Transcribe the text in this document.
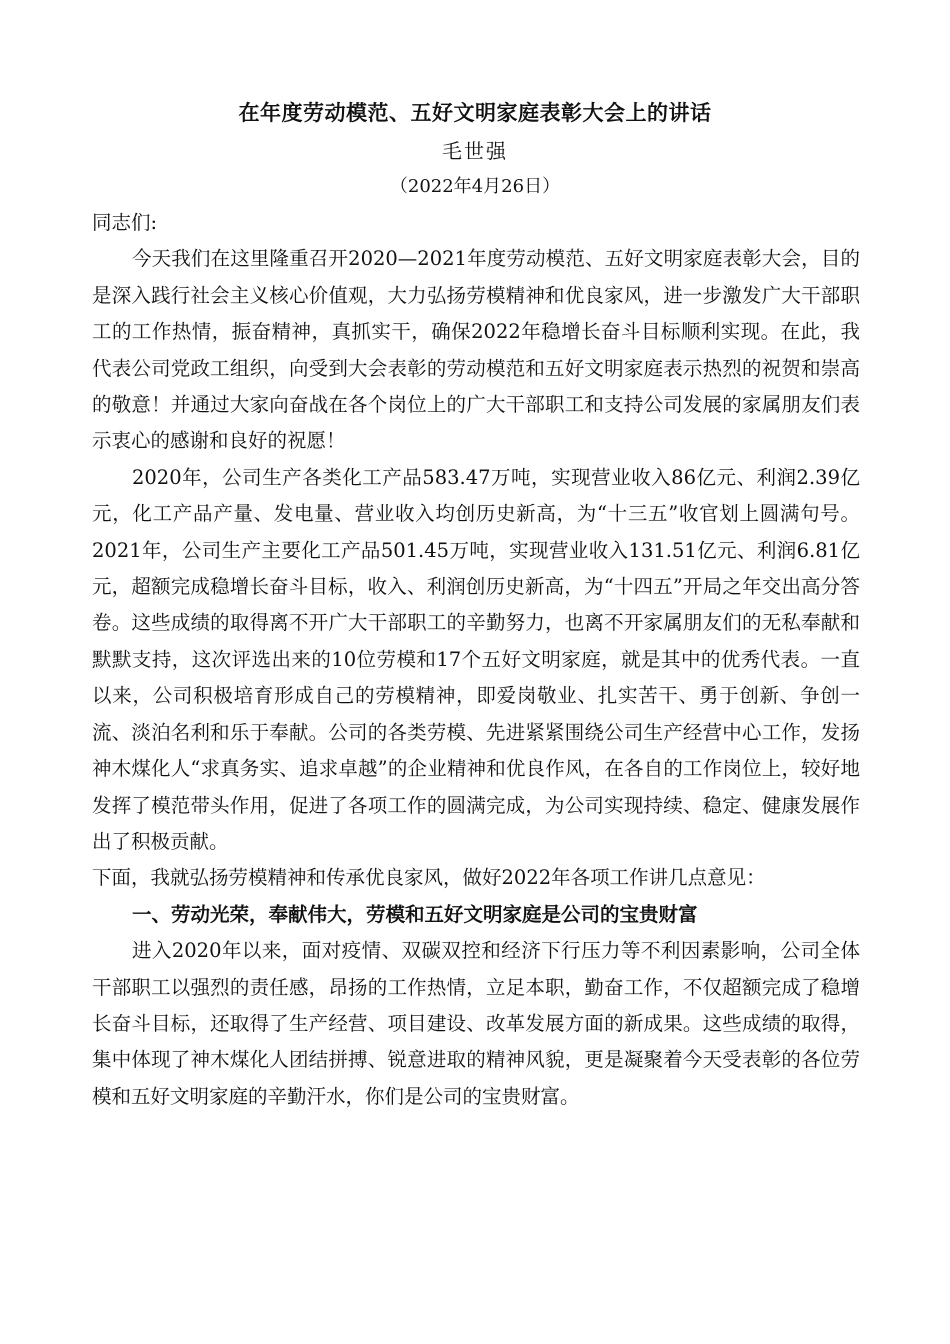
在年度劳动模范、五好文明家庭表彰大会上的讲话
毛世强
（2022年4月26日）

同志们:

今天我们在这里隆重召开2020—2021年度劳动模范、五好文明家庭表彰大会，目的是深入践行社会主义核心价值观，大力弘扬劳模精神和优良家风，进一步激发广大干部职工的工作热情，振奋精神，真抓实干，确保2022年稳增长奋斗目标顺利实现。在此，我代表公司党政工组织，向受到大会表彰的劳动模范和五好文明家庭表示热烈的祝贺和崇高的敬意！并通过大家向奋战在各个岗位上的广大干部职工和支持公司发展的家属朋友们表示衷心的感谢和良好的祝愿！

2020年，公司生产各类化工产品583.47万吨，实现营业收入86亿元、利润2.39亿元，化工产品产量、发电量、营业收入均创历史新高，为“十三五”收官划上圆满句号。2021年，公司生产主要化工产品501.45万吨，实现营业收入131.51亿元、利润6.81亿元，超额完成稳增长奋斗目标，收入、利润创历史新高，为“十四五”开局之年交出高分答卷。这些成绩的取得离不开广大干部职工的辛勤努力，也离不开家属朋友们的无私奉献和默默支持，这次评选出来的10位劳模和17个五好文明家庭，就是其中的优秀代表。一直以来，公司积极培育形成自己的劳模精神，即爱岗敬业、扎实苦干、勇于创新、争创一流、淡泊名利和乐于奉献。公司的各类劳模、先进紧紧围绕公司生产经营中心工作，发扬神木煤化人“求真务实、追求卓越”的企业精神和优良作风，在各自的工作岗位上，较好地发挥了模范带头作用，促进了各项工作的圆满完成，为公司实现持续、稳定、健康发展作出了积极贡献。

下面，我就弘扬劳模精神和传承优良家风，做好2022年各项工作讲几点意见：

一、劳动光荣，奉献伟大，劳模和五好文明家庭是公司的宝贵财富

进入2020年以来，面对疫情、双碳双控和经济下行压力等不利因素影响，公司全体干部职工以强烈的责任感，昂扬的工作热情，立足本职，勤奋工作，不仅超额完成了稳增长奋斗目标，还取得了生产经营、项目建设、改革发展方面的新成果。这些成绩的取得，集中体现了神木煤化人团结拼搏、锐意进取的精神风貌，更是凝聚着今天受表彰的各位劳模和五好文明家庭的辛勤汗水，你们是公司的宝贵财富。
